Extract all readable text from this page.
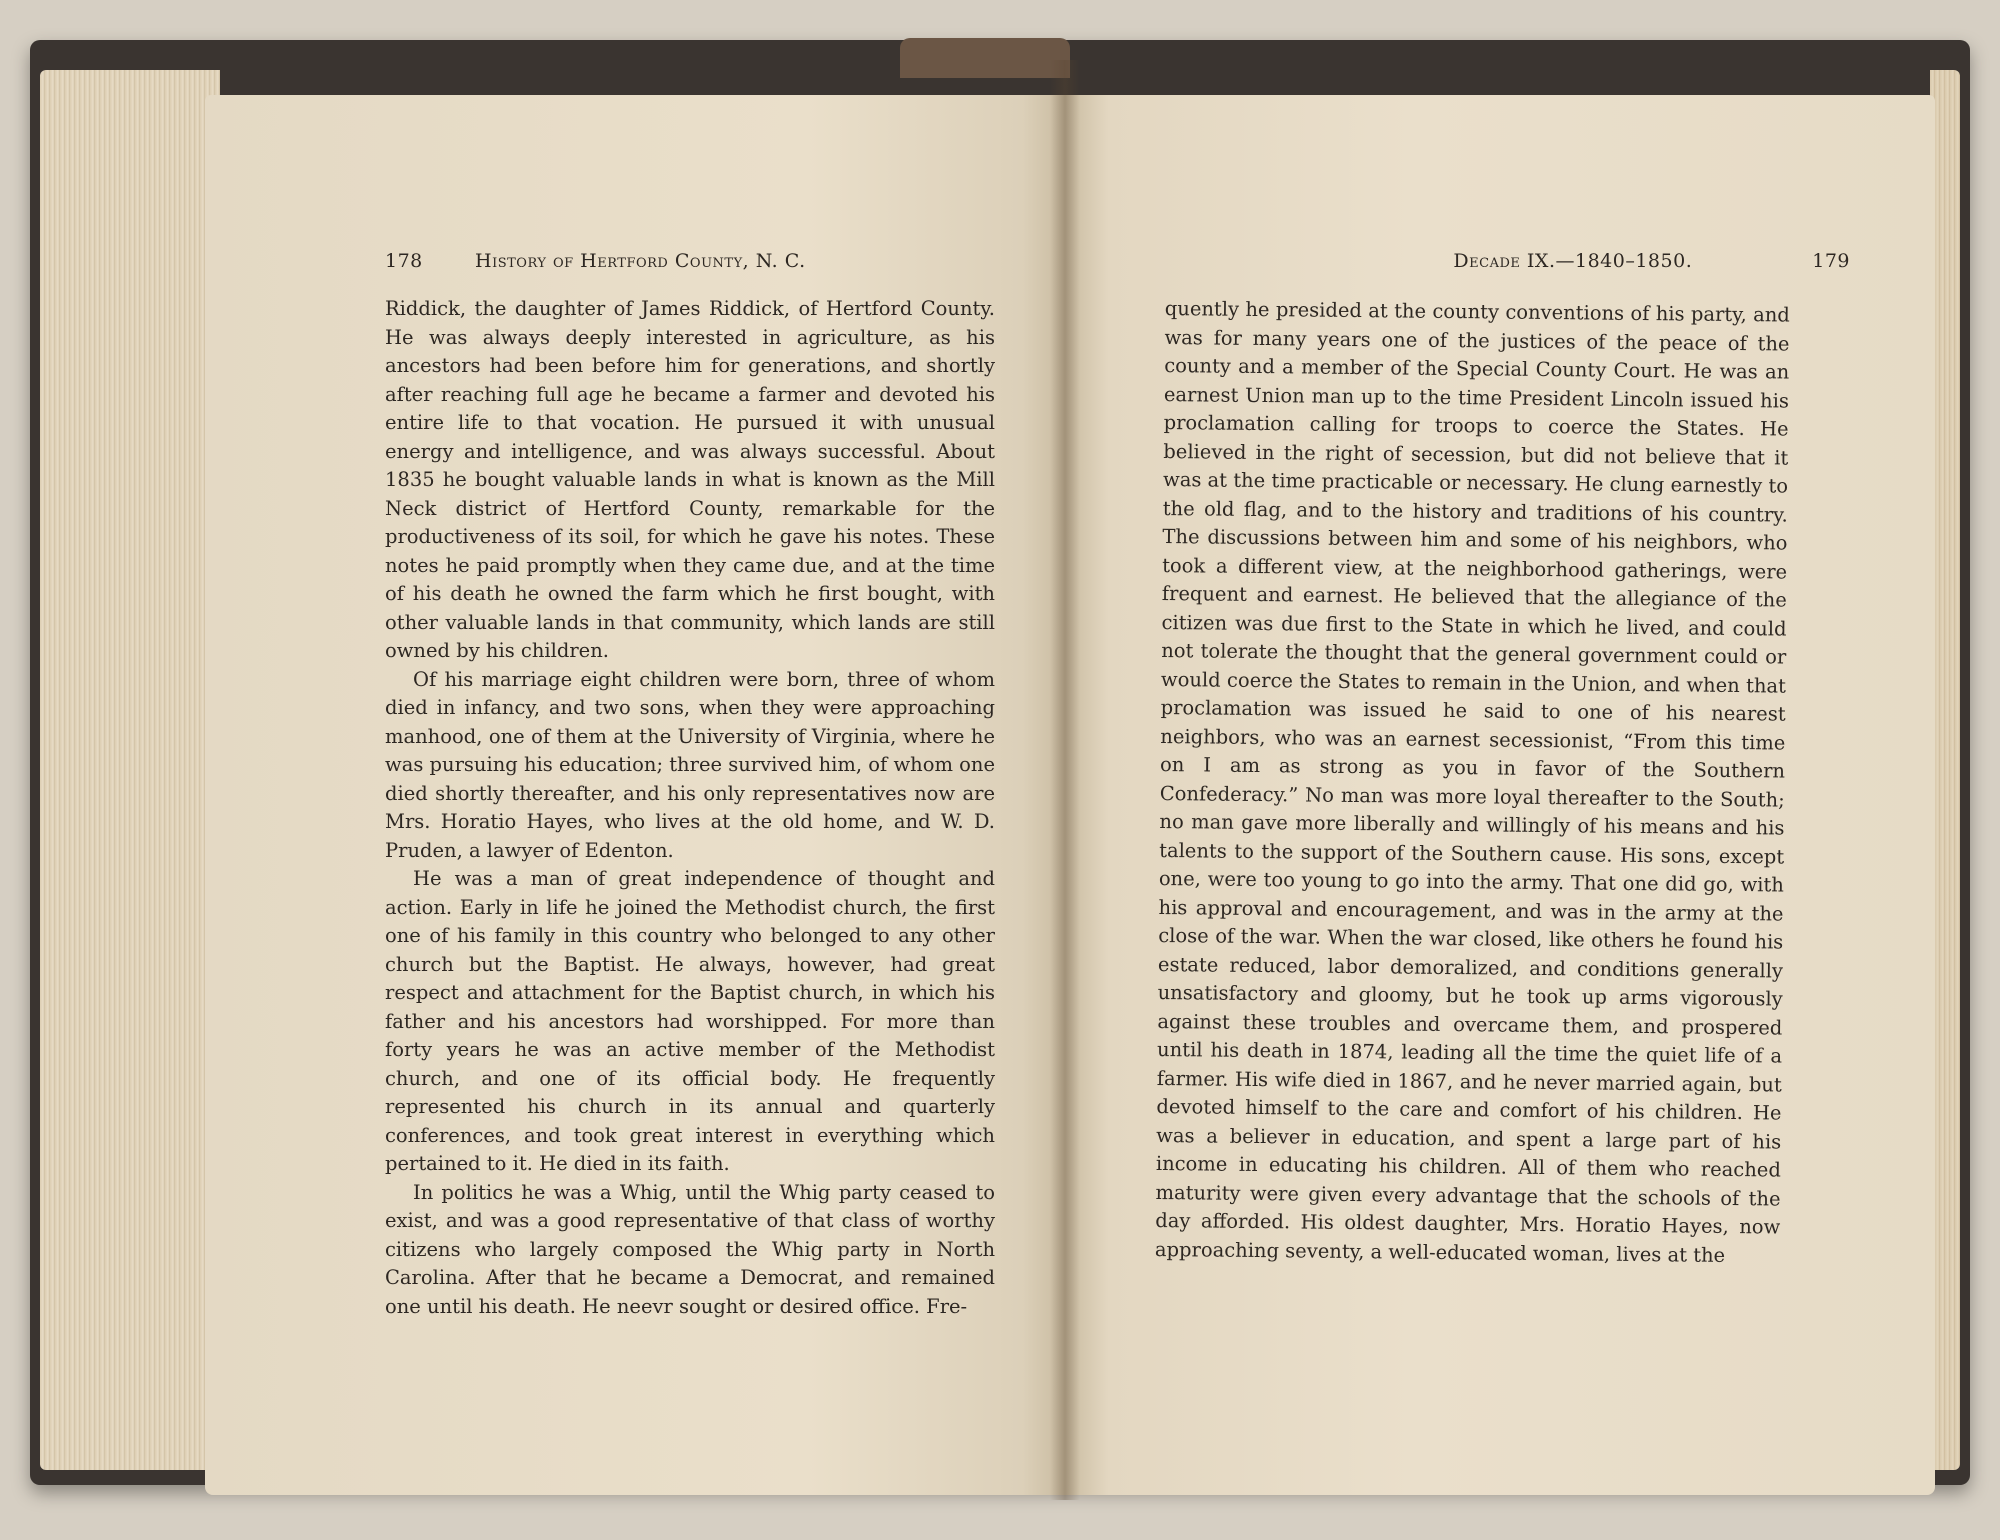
178	History of Hertford County, N. C.

Riddick, the daughter of James Riddick, of Hertford County. He was always deeply interested in agriculture, as his ancestors had been before him for generations, and shortly after reaching full age he became a farmer and devoted his entire life to that vocation. He pursued it with unusual energy and intelligence, and was always successful. About 1835 he bought valuable lands in what is known as the Mill Neck district of Hertford County, remarkable for the productiveness of its soil, for which he gave his notes. These notes he paid promptly when they came due, and at the time of his death he owned the farm which he first bought, with other valuable lands in that community, which lands are still owned by his children.

Of his marriage eight children were born, three of whom died in infancy, and two sons, when they were approaching manhood, one of them at the University of Virginia, where he was pursuing his education; three survived him, of whom one died shortly thereafter, and his only representatives now are Mrs. Horatio Hayes, who lives at the old home, and W. D. Pruden, a lawyer of Edenton.

He was a man of great independence of thought and action. Early in life he joined the Methodist church, the first one of his family in this country who belonged to any other church but the Baptist. He always, however, had great respect and attachment for the Baptist church, in which his father and his ancestors had worshipped. For more than forty years he was an active member of the Methodist church, and one of its official body. He frequently represented his church in its annual and quarterly conferences, and took great interest in everything which pertained to it. He died in its faith.

In politics he was a Whig, until the Whig party ceased to exist, and was a good representative of that class of worthy citizens who largely composed the Whig party in North Carolina. After that he became a Democrat, and remained one until his death. He neevr sought or desired office. Fre-

Decade IX.—1840–1850.	179

quently he presided at the county conventions of his party, and was for many years one of the justices of the peace of the county and a member of the Special County Court. He was an earnest Union man up to the time President Lincoln issued his proclamation calling for troops to coerce the States. He believed in the right of secession, but did not believe that it was at the time practicable or necessary. He clung earnestly to the old flag, and to the history and traditions of his country. The discussions between him and some of his neighbors, who took a different view, at the neighborhood gatherings, were frequent and earnest. He believed that the allegiance of the citizen was due first to the State in which he lived, and could not tolerate the thought that the general government could or would coerce the States to remain in the Union, and when that proclamation was issued he said to one of his nearest neighbors, who was an earnest secessionist, “From this time on I am as strong as you in favor of the Southern Confederacy.” No man was more loyal thereafter to the South; no man gave more liberally and willingly of his means and his talents to the support of the Southern cause. His sons, except one, were too young to go into the army. That one did go, with his approval and encouragement, and was in the army at the close of the war. When the war closed, like others he found his estate reduced, labor demoralized, and conditions generally unsatisfactory and gloomy, but he took up arms vigorously against these troubles and overcame them, and prospered until his death in 1874, leading all the time the quiet life of a farmer. His wife died in 1867, and he never married again, but devoted himself to the care and comfort of his children. He was a believer in education, and spent a large part of his income in educating his children. All of them who reached maturity were given every advantage that the schools of the day afforded. His oldest daughter, Mrs. Horatio Hayes, now approaching seventy, a well-educated woman, lives at the
